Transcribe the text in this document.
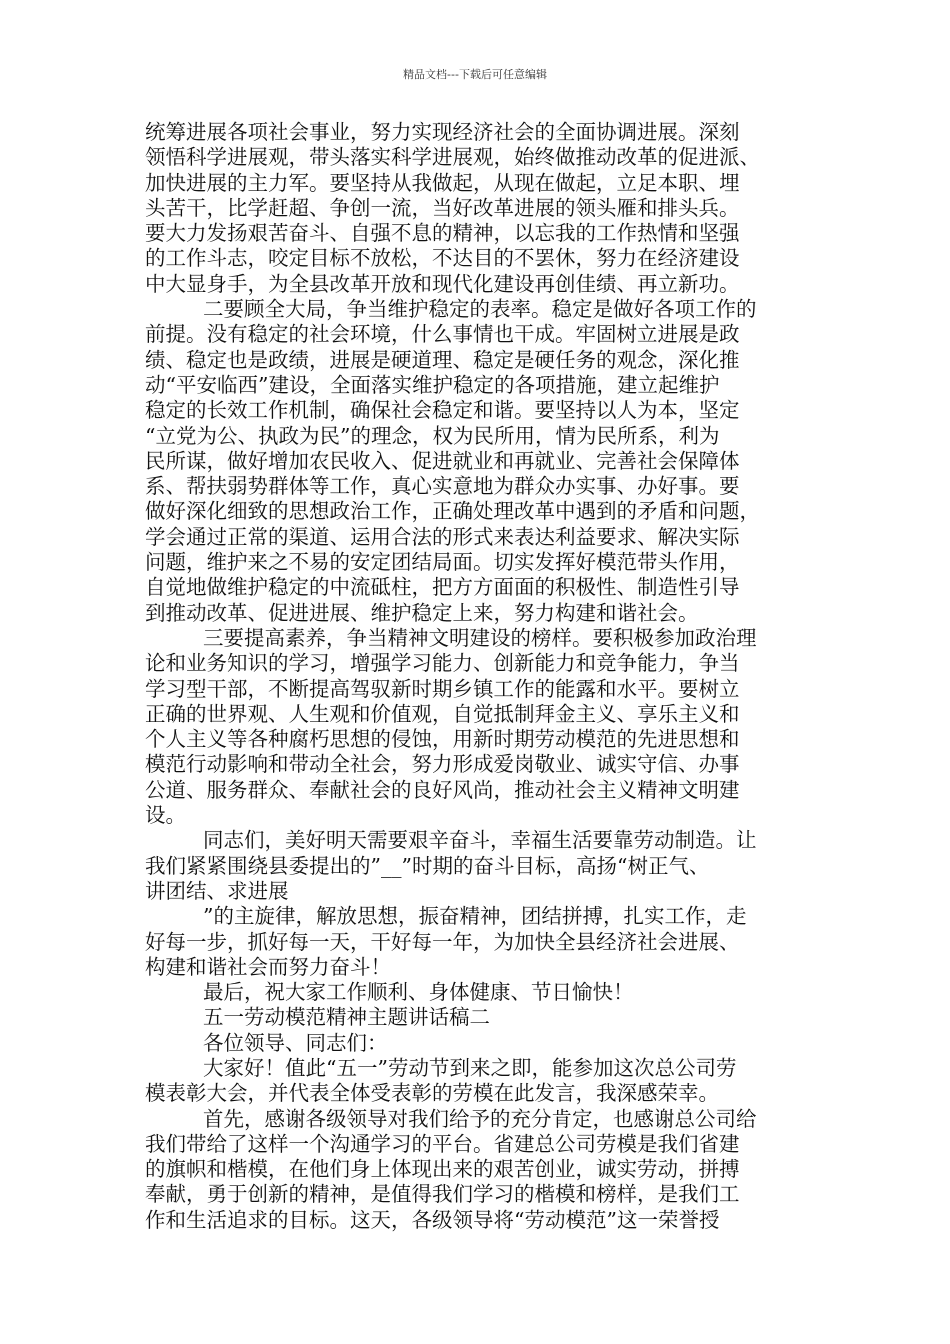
精品文档---下载后可任意编辑
统筹进展各项社会事业，努力实现经济社会的全面协调进展。深刻
领悟科学进展观，带头落实科学进展观，始终做推动改革的促进派、
加快进展的主力军。要坚持从我做起，从现在做起，立足本职、埋
头苦干，比学赶超、争创一流，当好改革进展的领头雁和排头兵。
要大力发扬艰苦奋斗、自强不息的精神，以忘我的工作热情和坚强
的工作斗志，咬定目标不放松，不达目的不罢休，努力在经济建设
中大显身手，为全县改革开放和现代化建设再创佳绩、再立新功。
二要顾全大局，争当维护稳定的表率。稳定是做好各项工作的
前提。没有稳定的社会环境，什么事情也干成。牢固树立进展是政
绩、稳定也是政绩，进展是硬道理、稳定是硬任务的观念，深化推
动“平安临西”建设，全面落实维护稳定的各项措施，建立起维护
稳定的长效工作机制，确保社会稳定和谐。要坚持以人为本，坚定
“立党为公、执政为民”的理念，权为民所用，情为民所系，利为
民所谋，做好增加农民收入、促进就业和再就业、完善社会保障体
系、帮扶弱势群体等工作，真心实意地为群众办实事、办好事。要
做好深化细致的思想政治工作，正确处理改革中遇到的矛盾和问题，
学会通过正常的渠道、运用合法的形式来表达利益要求、解决实际
问题，维护来之不易的安定团结局面。切实发挥好模范带头作用，
自觉地做维护稳定的中流砥柱，把方方面面的积极性、制造性引导
到推动改革、促进进展、维护稳定上来，努力构建和谐社会。
三要提高素养，争当精神文明建设的榜样。要积极参加政治理
论和业务知识的学习，增强学习能力、创新能力和竞争能力，争当
学习型干部，不断提高驾驭新时期乡镇工作的能露和水平。要树立
正确的世界观、人生观和价值观，自觉抵制拜金主义、享乐主义和
个人主义等各种腐朽思想的侵蚀，用新时期劳动模范的先进思想和
模范行动影响和带动全社会，努力形成爱岗敬业、诚实守信、办事
公道、服务群众、奉献社会的良好风尚，推动社会主义精神文明建
设。
同志们，美好明天需要艰辛奋斗，幸福生活要靠劳动制造。让
我们紧紧围绕县委提出的”__”时期的奋斗目标，高扬“树正气、
讲团结、求进展
”的主旋律，解放思想，振奋精神，团结拼搏，扎实工作，走
好每一步，抓好每一天，干好每一年，为加快全县经济社会进展、
构建和谐社会而努力奋斗！
最后，祝大家工作顺利、身体健康、节日愉快！
五一劳动模范精神主题讲话稿二
各位领导、同志们：
大家好！值此“五一”劳动节到来之即，能参加这次总公司劳
模表彰大会，并代表全体受表彰的劳模在此发言，我深感荣幸。
首先，感谢各级领导对我们给予的充分肯定，也感谢总公司给
我们带给了这样一个沟通学习的平台。省建总公司劳模是我们省建
的旗帜和楷模，在他们身上体现出来的艰苦创业，诚实劳动，拼搏
奉献，勇于创新的精神，是值得我们学习的楷模和榜样，是我们工
作和生活追求的目标。这天，各级领导将“劳动模范”这一荣誉授
